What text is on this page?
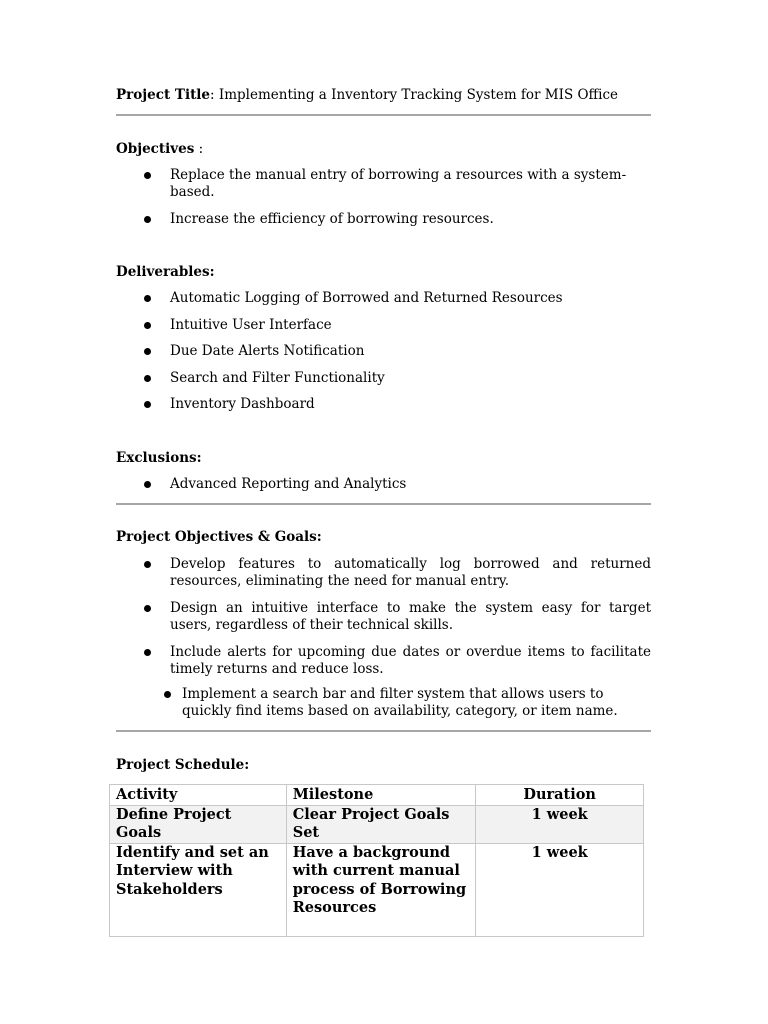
Project Title: Implementing a Inventory Tracking System for MIS Office

Objectives :

Replace the manual entry of borrowing a resources with a system-based.
Increase the efficiency of borrowing resources.

Deliverables:

Automatic Logging of Borrowed and Returned Resources
Intuitive User Interface
Due Date Alerts Notification
Search and Filter Functionality
Inventory Dashboard

Exclusions:

Advanced Reporting and Analytics

Project Objectives & Goals:

Develop features to automatically log borrowed and returned resources, eliminating the need for manual entry.
Design an intuitive interface to make the system easy for target users, regardless of their technical skills.
Include alerts for upcoming due dates or overdue items to facilitate timely returns and reduce loss.
Implement a search bar and filter system that allows users to quickly find items based on availability, category, or item name.

Project Schedule:

Activity	Milestone	Duration
Define Project Goals	Clear Project Goals Set	1 week
Identify and set an Interview with Stakeholders	Have a background with current manual process of Borrowing Resources	1 week
